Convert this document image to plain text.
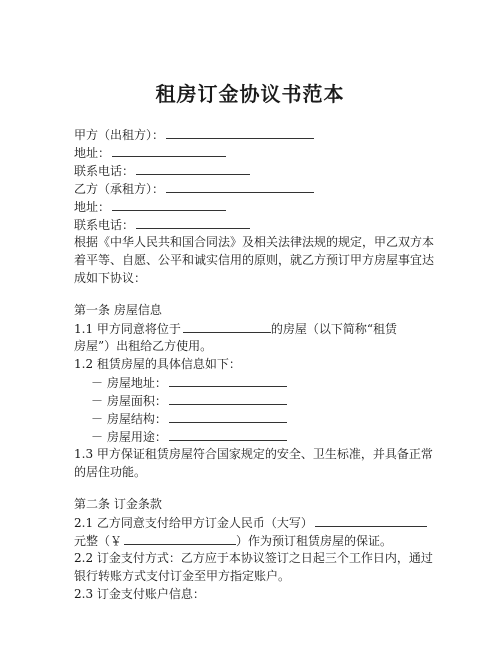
租房订金协议书范本
甲方（出租方）：
地址：
联系电话：
乙方（承租方）：
地址：
联系电话：
根据《中华人民共和国合同法》及相关法律法规的规定，甲乙双方本
着平等、自愿、公平和诚实信用的原则，就乙方预订甲方房屋事宜达
成如下协议：
第一条 房屋信息
1.1 甲方同意将位于	的房屋（以下简称“租赁
房屋”）出租给乙方使用。
1.2 租赁房屋的具体信息如下：
－ 房屋地址：
－ 房屋面积：
－ 房屋结构：
－ 房屋用途：
1.3 甲方保证租赁房屋符合国家规定的安全、卫生标准，并具备正常
的居住功能。
第二条 订金条款
2.1 乙方同意支付给甲方订金人民币（大写）
元整（￥	）作为预订租赁房屋的保证。
2.2 订金支付方式：乙方应于本协议签订之日起三个工作日内，通过
银行转账方式支付订金至甲方指定账户。
2.3 订金支付账户信息：
